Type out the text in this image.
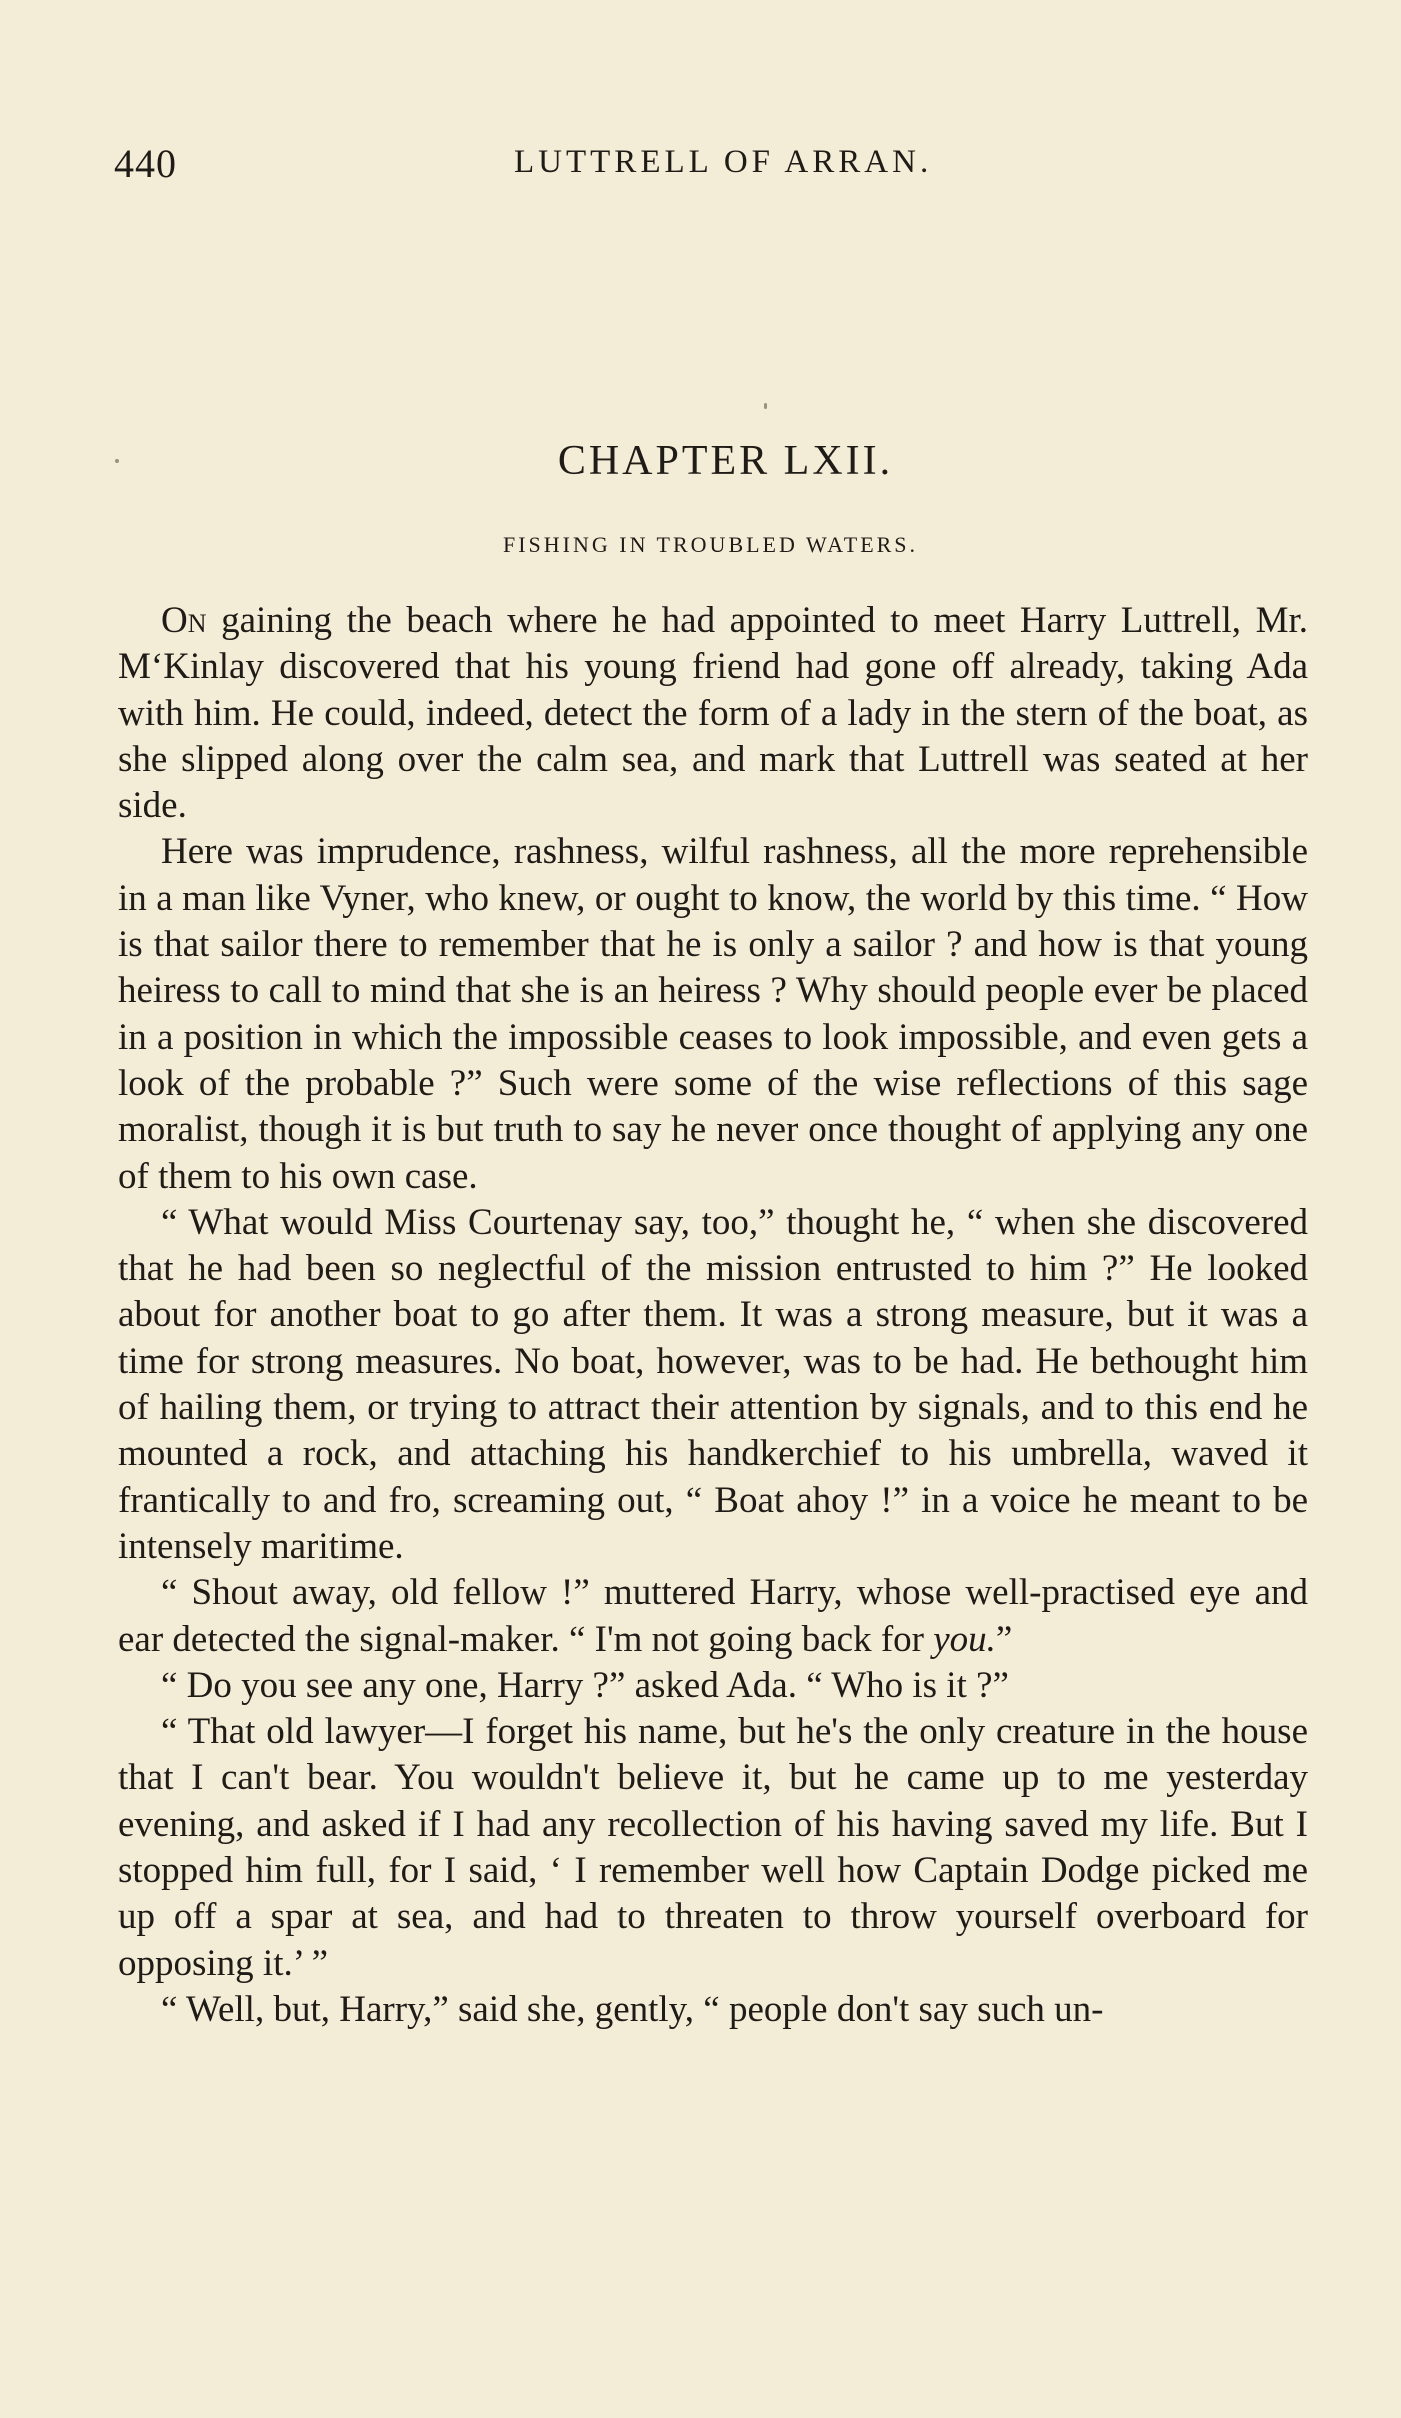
440	LUTTRELL OF ARRAN.
CHAPTER LXII.
FISHING IN TROUBLED WATERS.

On gaining the beach where he had appointed to meet Harry Luttrell, Mr. M‘Kinlay discovered that his young friend had gone off already, taking Ada with him. He could, indeed, detect the form of a lady in the stern of the boat, as she slipped along over the calm sea, and mark that Luttrell was seated at her side.

Here was imprudence, rashness, wilful rashness, all the more reprehensible in a man like Vyner, who knew, or ought to know, the world by this time. “ How is that sailor there to remember that he is only a sailor ? and how is that young heiress to call to mind that she is an heiress ? Why should people ever be placed in a position in which the impossible ceases to look impossible, and even gets a look of the probable ?” Such were some of the wise reflections of this sage moralist, though it is but truth to say he never once thought of applying any one of them to his own case.

“ What would Miss Courtenay say, too,” thought he, “ when she discovered that he had been so neglectful of the mission entrusted to him ?” He looked about for another boat to go after them. It was a strong measure, but it was a time for strong measures. No boat, however, was to be had. He bethought him of hailing them, or trying to attract their attention by signals, and to this end he mounted a rock, and attaching his handkerchief to his umbrella, waved it frantically to and fro, screaming out, “ Boat ahoy !” in a voice he meant to be intensely maritime.

“ Shout away, old fellow !” muttered Harry, whose well-practised eye and ear detected the signal-maker. “ I'm not going back for you.”

“ Do you see any one, Harry ?” asked Ada. “ Who is it ?”

“ That old lawyer—I forget his name, but he's the only creature in the house that I can't bear. You wouldn't believe it, but he came up to me yesterday evening, and asked if I had any recollection of his having saved my life. But I stopped him full, for I said, ‘ I remember well how Captain Dodge picked me up off a spar at sea, and had to threaten to throw yourself overboard for opposing it.’ ”

“ Well, but, Harry,” said she, gently, “ people don't say such un-
